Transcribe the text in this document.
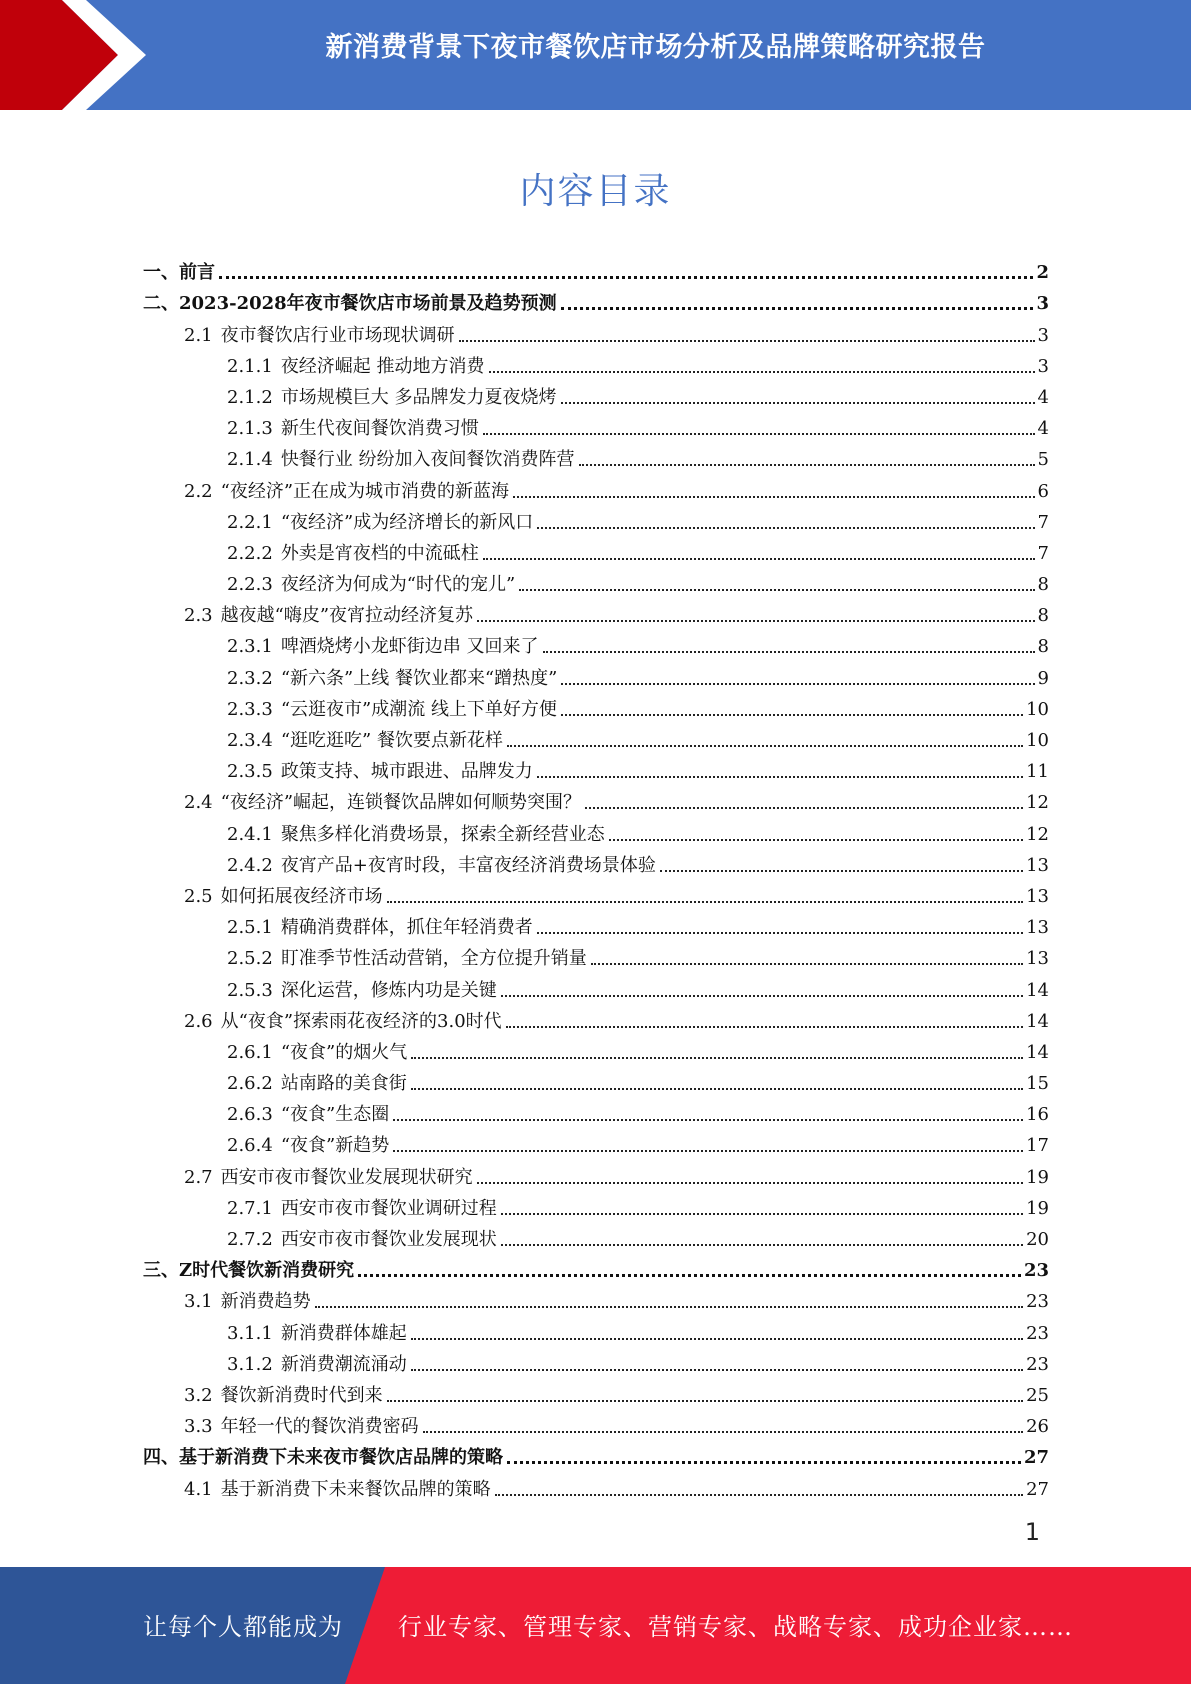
新消费背景下夜市餐饮店市场分析及品牌策略研究报告
内容目录
一、前言	2
二、2023-2028年夜市餐饮店市场前景及趋势预测	3
2.1 夜市餐饮店行业市场现状调研	3
2.1.1 夜经济崛起 推动地方消费	3
2.1.2 市场规模巨大 多品牌发力夏夜烧烤	4
2.1.3 新生代夜间餐饮消费习惯	4
2.1.4 快餐行业 纷纷加入夜间餐饮消费阵营	5
2.2 “夜经济”正在成为城市消费的新蓝海	6
2.2.1 “夜经济”成为经济增长的新风口	7
2.2.2 外卖是宵夜档的中流砥柱	7
2.2.3 夜经济为何成为“时代的宠儿”	8
2.3 越夜越“嗨皮”夜宵拉动经济复苏	8
2.3.1 啤酒烧烤小龙虾街边串 又回来了	8
2.3.2 “新六条”上线 餐饮业都来“蹭热度”	9
2.3.3 “云逛夜市”成潮流 线上下单好方便	10
2.3.4 “逛吃逛吃” 餐饮要点新花样	10
2.3.5 政策支持、城市跟进、品牌发力	11
2.4 “夜经济”崛起，连锁餐饮品牌如何顺势突围？	12
2.4.1 聚焦多样化消费场景，探索全新经营业态	12
2.4.2 夜宵产品+夜宵时段，丰富夜经济消费场景体验	13
2.5 如何拓展夜经济市场	13
2.5.1 精确消费群体，抓住年轻消费者	13
2.5.2 盯准季节性活动营销，全方位提升销量	13
2.5.3 深化运营，修炼内功是关键	14
2.6 从“夜食”探索雨花夜经济的3.0时代	14
2.6.1 “夜食”的烟火气	14
2.6.2 站南路的美食街	15
2.6.3 “夜食”生态圈	16
2.6.4 “夜食”新趋势	17
2.7 西安市夜市餐饮业发展现状研究	19
2.7.1 西安市夜市餐饮业调研过程	19
2.7.2 西安市夜市餐饮业发展现状	20
三、Z时代餐饮新消费研究	23
3.1 新消费趋势	23
3.1.1 新消费群体雄起	23
3.1.2 新消费潮流涌动	23
3.2 餐饮新消费时代到来	25
3.3 年轻一代的餐饮消费密码	26
四、基于新消费下未来夜市餐饮店品牌的策略	27
4.1 基于新消费下未来餐饮品牌的策略	27
1
让每个人都能成为 行业专家、管理专家、营销专家、战略专家、成功企业家……
